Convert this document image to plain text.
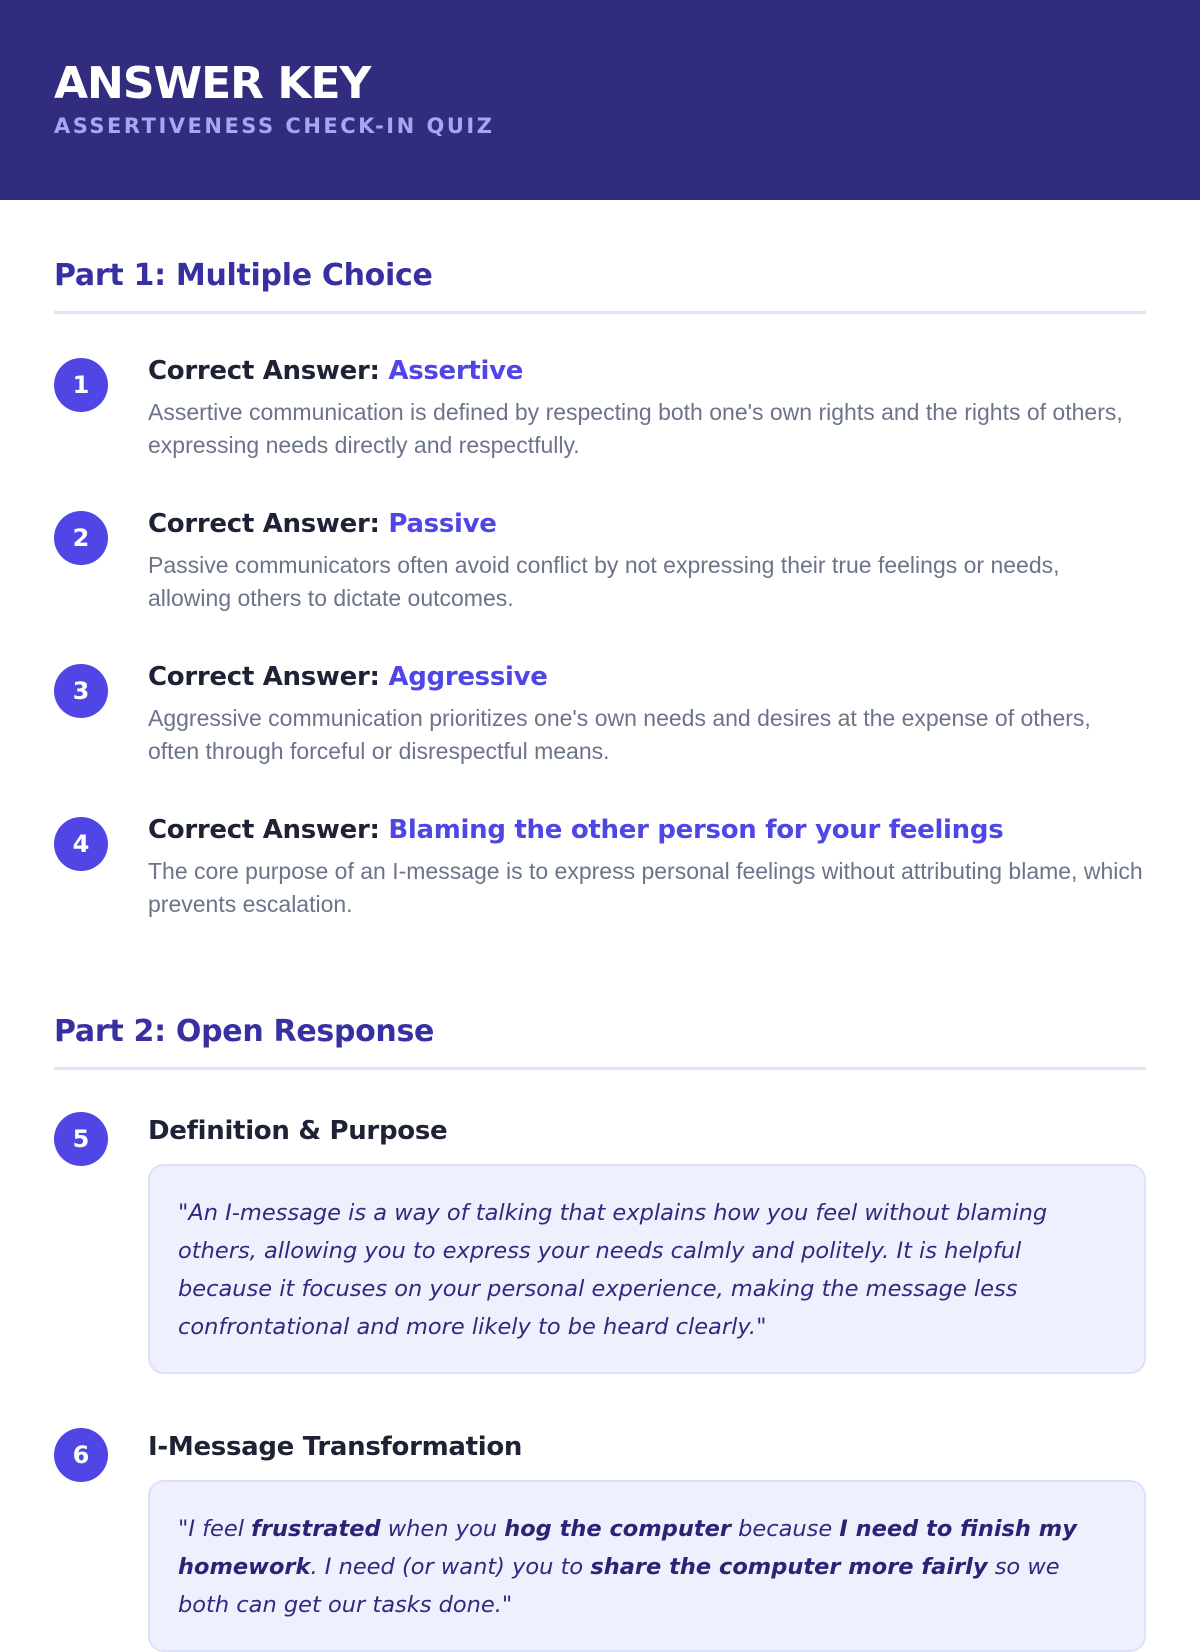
ANSWER KEY
ASSERTIVENESS CHECK-IN QUIZ
Part 1: Multiple Choice
1	Correct Answer: Assertive
Assertive communication is defined by respecting both one's own rights and the rights of others, expressing needs directly and respectfully.
2	Correct Answer: Passive
Passive communicators often avoid conflict by not expressing their true feelings or needs, allowing others to dictate outcomes.
3	Correct Answer: Aggressive
Aggressive communication prioritizes one's own needs and desires at the expense of others, often through forceful or disrespectful means.
4	Correct Answer: Blaming the other person for your feelings
The core purpose of an I-message is to express personal feelings without attributing blame, which prevents escalation.
Part 2: Open Response
5	Definition & Purpose
"An I-message is a way of talking that explains how you feel without blaming others, allowing you to express your needs calmly and politely. It is helpful because it focuses on your personal experience, making the message less confrontational and more likely to be heard clearly."
6	I-Message Transformation
"I feel frustrated when you hog the computer because I need to finish my homework. I need (or want) you to share the computer more fairly so we both can get our tasks done."
